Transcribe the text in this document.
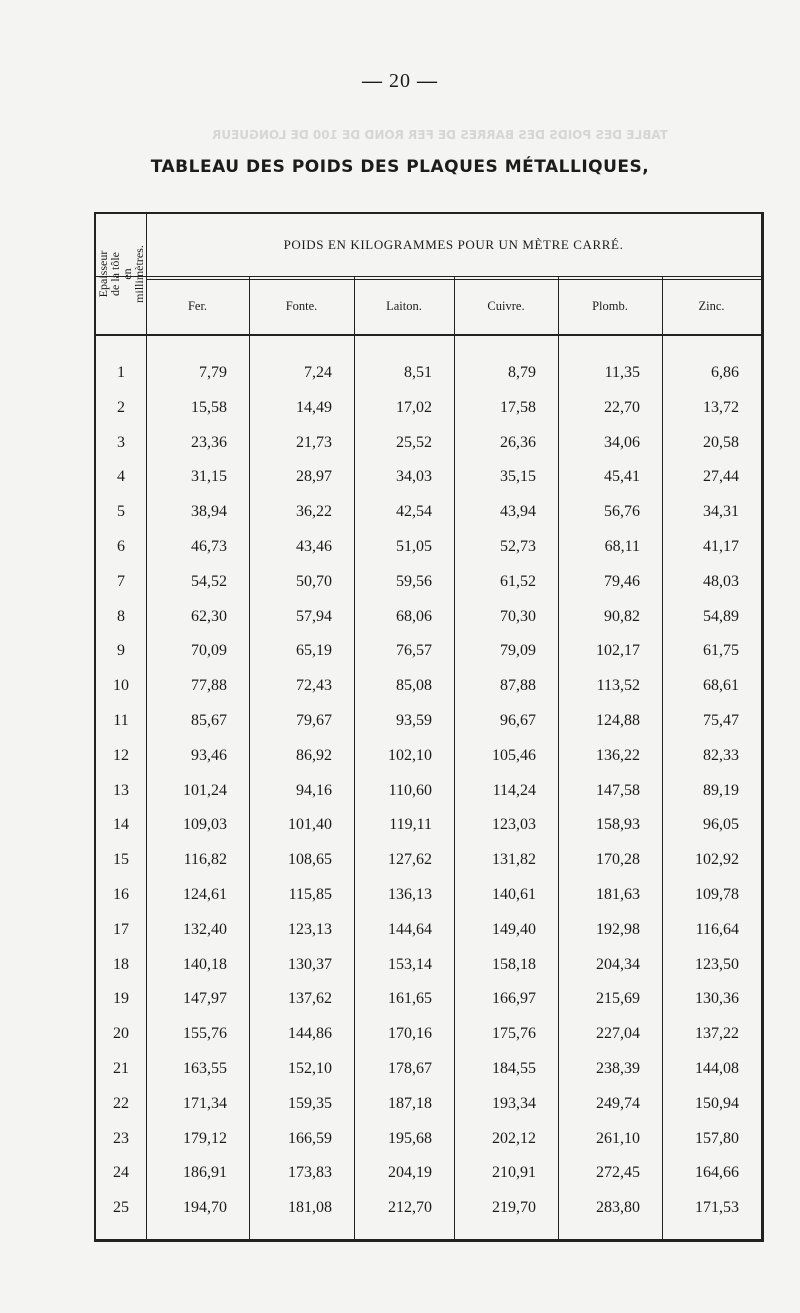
— 20 —
TABLE DES POIDS DES BARRES DE FER ROND DE 100 DE LONGUEUR
TABLEAU DES POIDS DES PLAQUES MÉTALLIQUES,
Epaisseur
de la tôle
en millimètres.
POIDS EN KILOGRAMMES POUR UN MÈTRE CARRÉ.
Fer.	Fonte.	Laiton.	Cuivre.	Plomb.	Zinc.
1	7,79	7,24	8,51	8,79	11,35	6,86
2	15,58	14,49	17,02	17,58	22,70	13,72
3	23,36	21,73	25,52	26,36	34,06	20,58
4	31,15	28,97	34,03	35,15	45,41	27,44
5	38,94	36,22	42,54	43,94	56,76	34,31
6	46,73	43,46	51,05	52,73	68,11	41,17
7	54,52	50,70	59,56	61,52	79,46	48,03
8	62,30	57,94	68,06	70,30	90,82	54,89
9	70,09	65,19	76,57	79,09	102,17	61,75
10	77,88	72,43	85,08	87,88	113,52	68,61
11	85,67	79,67	93,59	96,67	124,88	75,47
12	93,46	86,92	102,10	105,46	136,22	82,33
13	101,24	94,16	110,60	114,24	147,58	89,19
14	109,03	101,40	119,11	123,03	158,93	96,05
15	116,82	108,65	127,62	131,82	170,28	102,92
16	124,61	115,85	136,13	140,61	181,63	109,78
17	132,40	123,13	144,64	149,40	192,98	116,64
18	140,18	130,37	153,14	158,18	204,34	123,50
19	147,97	137,62	161,65	166,97	215,69	130,36
20	155,76	144,86	170,16	175,76	227,04	137,22
21	163,55	152,10	178,67	184,55	238,39	144,08
22	171,34	159,35	187,18	193,34	249,74	150,94
23	179,12	166,59	195,68	202,12	261,10	157,80
24	186,91	173,83	204,19	210,91	272,45	164,66
25	194,70	181,08	212,70	219,70	283,80	171,53
